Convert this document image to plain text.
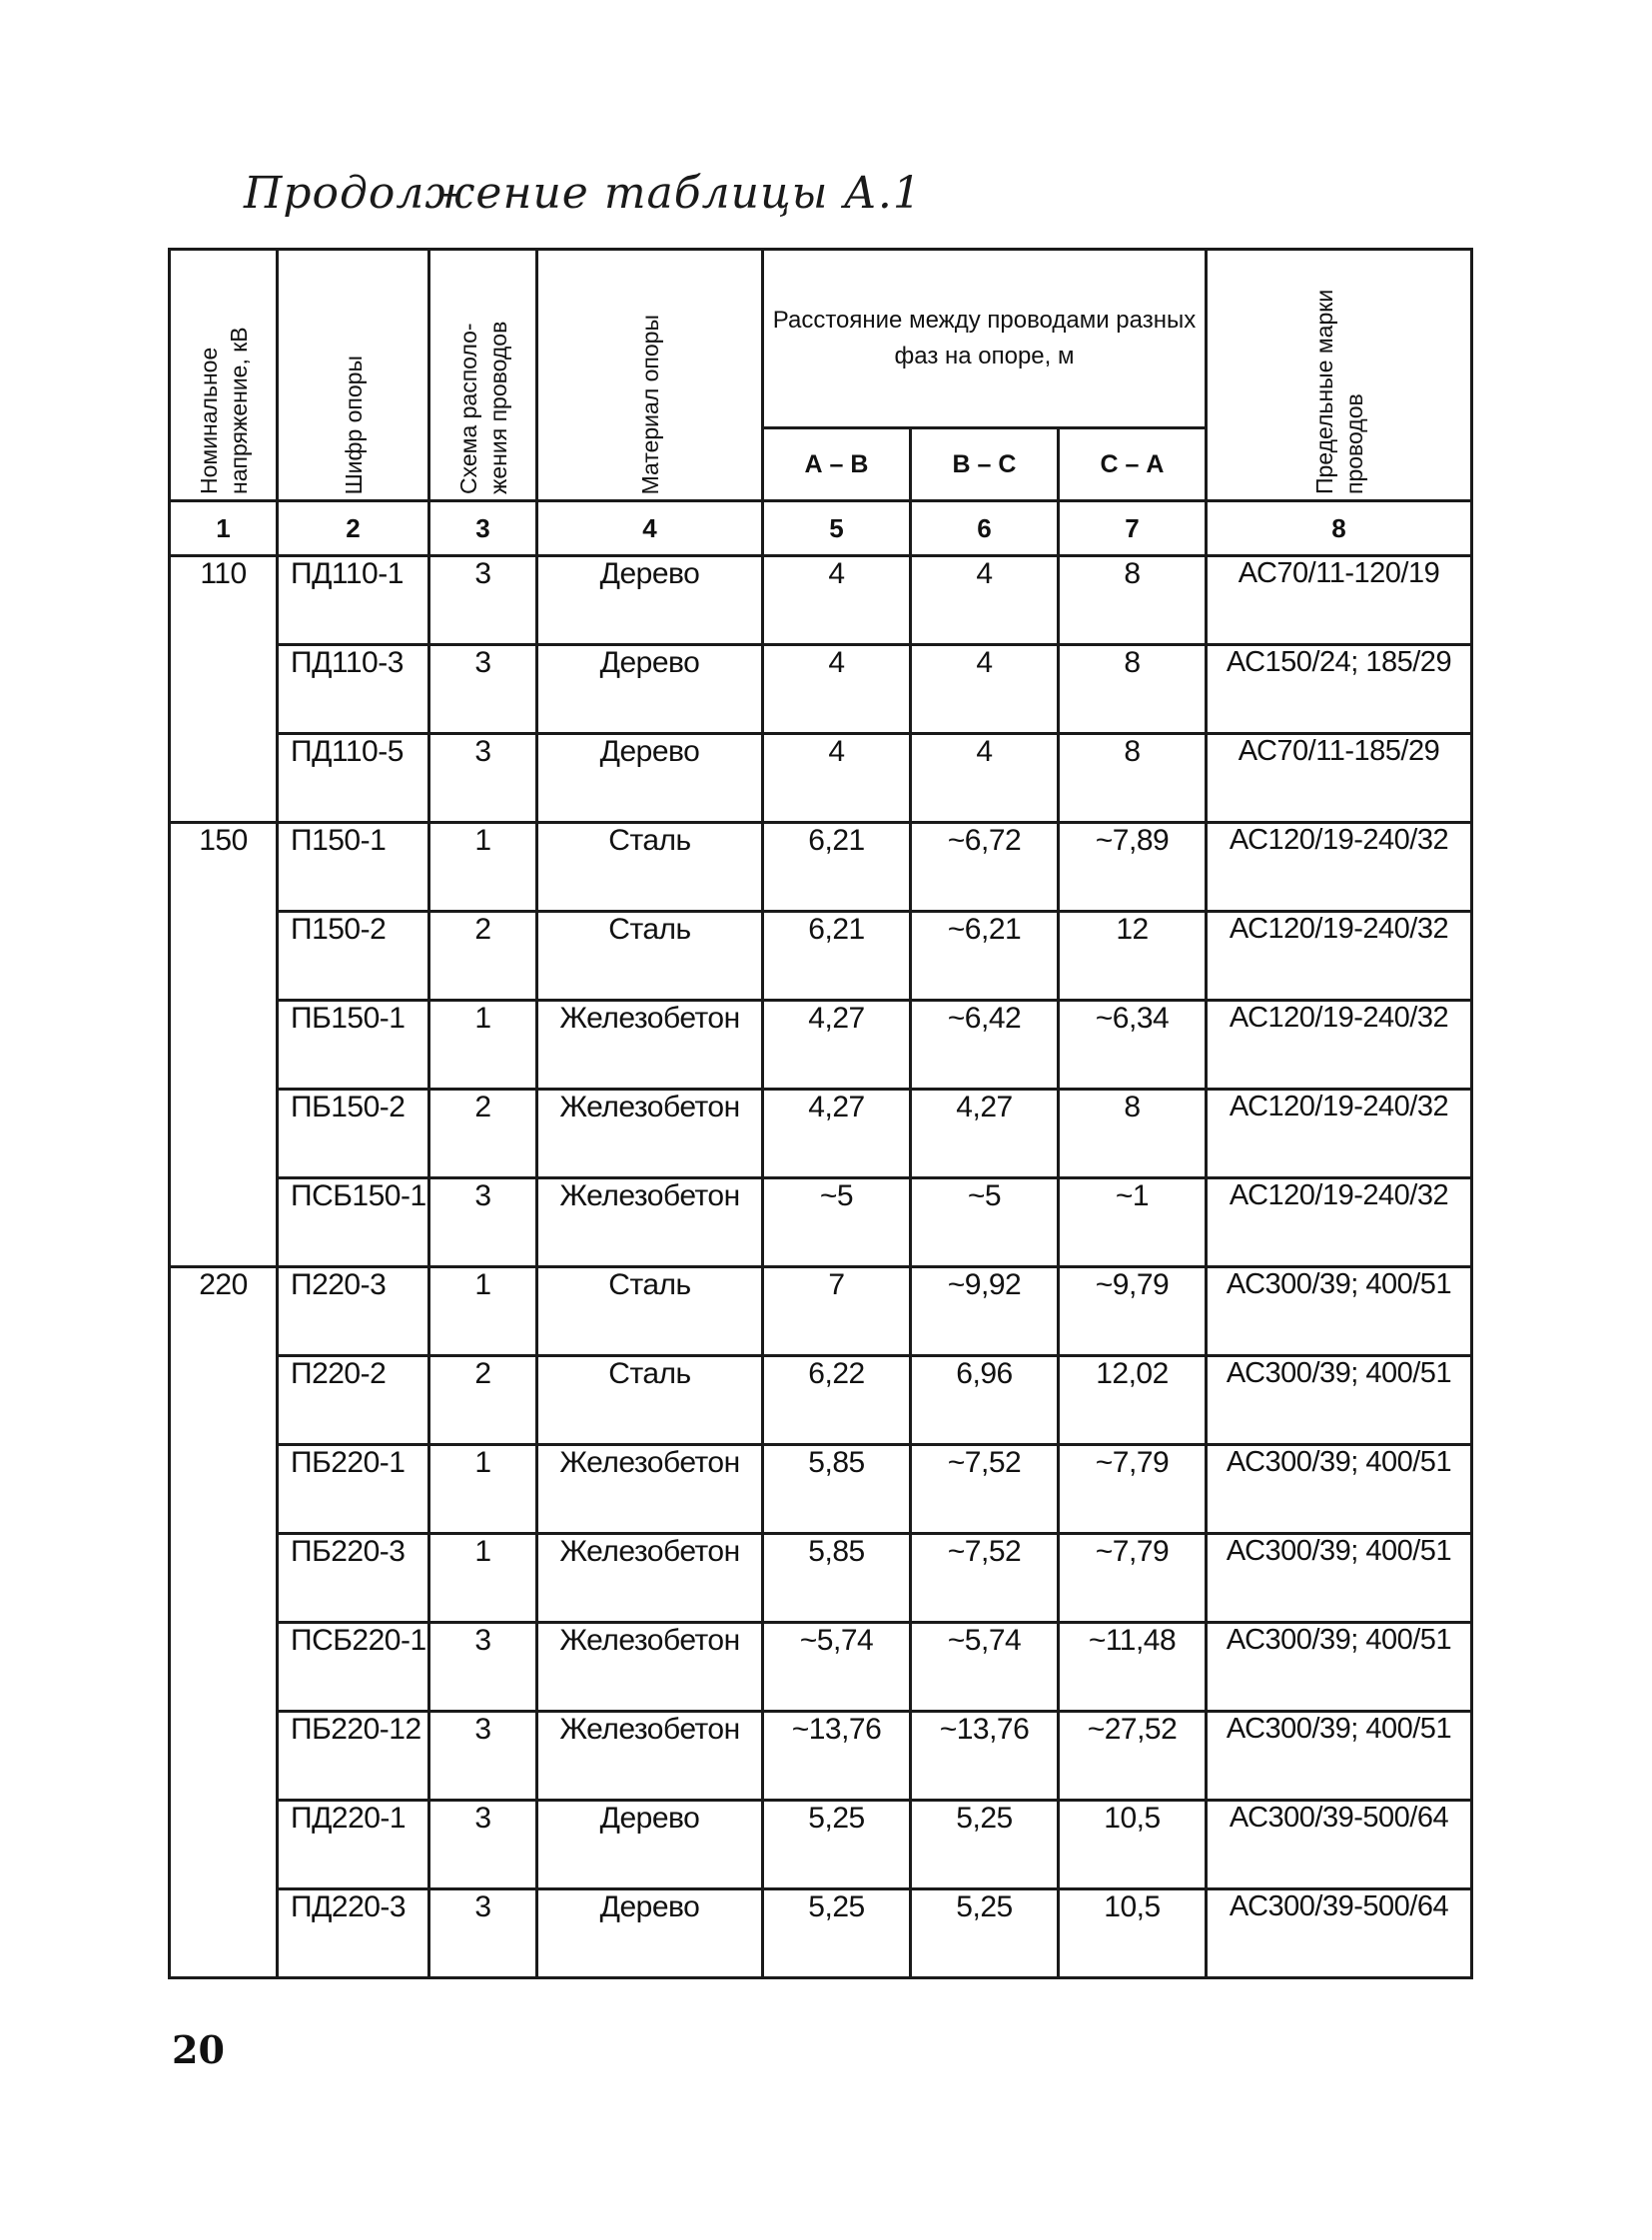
Продолжение таблицы А.1
Номинальное напряжение, кВ	Шифр опоры	Схема располо-жения проводов	Материал опоры	Расстояние между проводами разных фаз на опоре, м			Предельные марки проводов
				А – В	В – С	С – А	
1	2	3	4	5	6	7	8
110	ПД110-1	3	Дерево	4	4	8	АС70/11-120/19
	ПД110-3	3	Дерево	4	4	8	АС150/24; 185/29
	ПД110-5	3	Дерево	4	4	8	АС70/11-185/29
150	П150-1	1	Сталь	6,21	~6,72	~7,89	АС120/19-240/32
	П150-2	2	Сталь	6,21	~6,21	12	АС120/19-240/32
	ПБ150-1	1	Железобетон	4,27	~6,42	~6,34	АС120/19-240/32
	ПБ150-2	2	Железобетон	4,27	4,27	8	АС120/19-240/32
	ПСБ150-1	3	Железобетон	~5	~5	~1	АС120/19-240/32
220	П220-3	1	Сталь	7	~9,92	~9,79	АС300/39; 400/51
	П220-2	2	Сталь	6,22	6,96	12,02	АС300/39; 400/51
	ПБ220-1	1	Железобетон	5,85	~7,52	~7,79	АС300/39; 400/51
	ПБ220-3	1	Железобетон	5,85	~7,52	~7,79	АС300/39; 400/51
	ПСБ220-1	3	Железобетон	~5,74	~5,74	~11,48	АС300/39; 400/51
	ПБ220-12	3	Железобетон	~13,76	~13,76	~27,52	АС300/39; 400/51
	ПД220-1	3	Дерево	5,25	5,25	10,5	АС300/39-500/64
	ПД220-3	3	Дерево	5,25	5,25	10,5	АС300/39-500/64
20
